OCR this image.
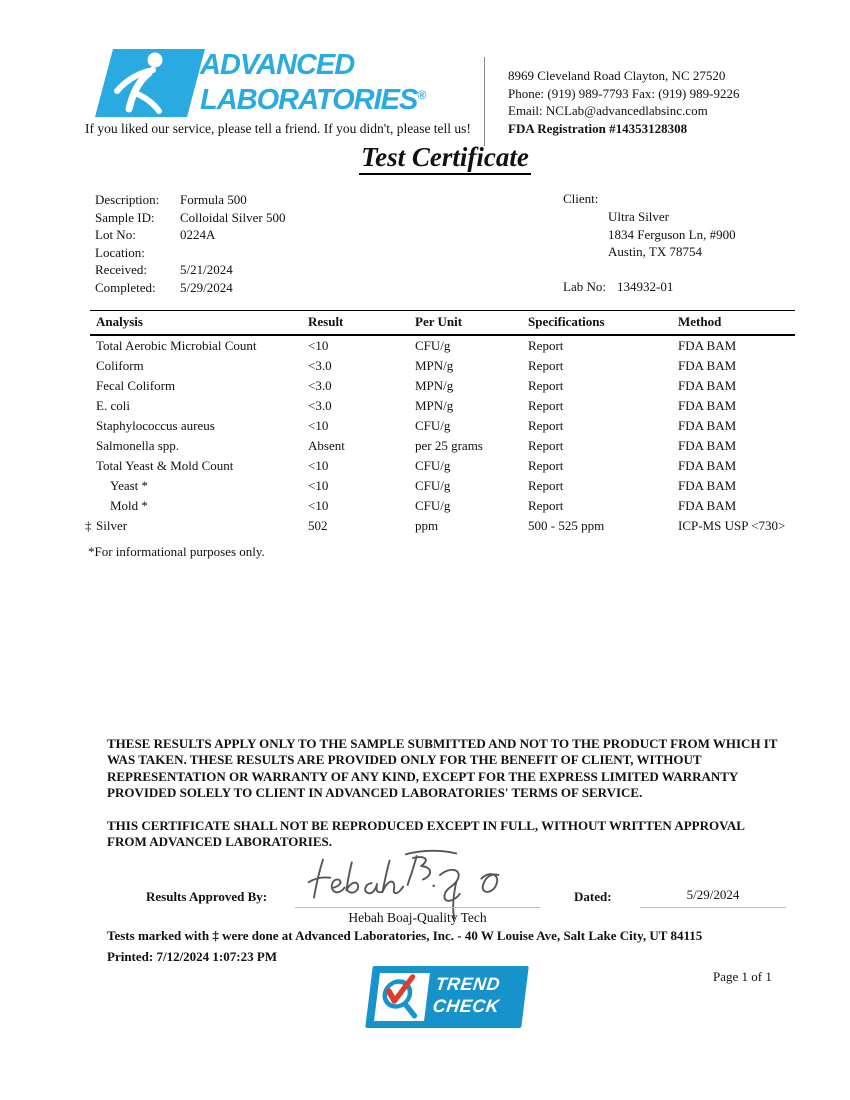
ADVANCED
LABORATORIES®
If you liked our service, please tell a friend. If you didn't, please tell us!
8969 Cleveland Road Clayton, NC 27520
Phone: (919) 989-7793 Fax: (919) 989-9226
Email: NCLab@advancedlabsinc.com
FDA Registration #14353128308
Test Certificate
Description:	Formula 500
Sample ID:	Colloidal Silver 500
Lot No:	0224A
Location:
Received:	5/21/2024
Completed:	5/29/2024
Client:
Ultra Silver
1834 Ferguson Ln, #900
Austin, TX 78754
Lab No: 134932-01
Analysis	Result	Per Unit	Specifications	Method

Total Aerobic Microbial Count	<10	CFU/g	Report	FDA BAM

Coliform	<3.0	MPN/g	Report	FDA BAM

Fecal Coliform	<3.0	MPN/g	Report	FDA BAM

E. coli	<3.0	MPN/g	Report	FDA BAM

Staphylococcus aureus	<10	CFU/g	Report	FDA BAM

Salmonella spp.	Absent	per 25 grams	Report	FDA BAM

Total Yeast & Mold Count	<10	CFU/g	Report	FDA BAM

Yeast *	<10	CFU/g	Report	FDA BAM

Mold *	<10	CFU/g	Report	FDA BAM

‡ Silver	502	ppm	500 - 525 ppm	ICP-MS USP <730>
*For informational purposes only.
THESE RESULTS APPLY ONLY TO THE SAMPLE SUBMITTED AND NOT TO THE PRODUCT FROM WHICH IT WAS TAKEN. THESE RESULTS ARE PROVIDED ONLY FOR THE BENEFIT OF CLIENT, WITHOUT REPRESENTATION OR WARRANTY OF ANY KIND, EXCEPT FOR THE EXPRESS LIMITED WARRANTY PROVIDED SOLELY TO CLIENT IN ADVANCED LABORATORIES' TERMS OF SERVICE.
THIS CERTIFICATE SHALL NOT BE REPRODUCED EXCEPT IN FULL, WITHOUT WRITTEN APPROVAL FROM ADVANCED LABORATORIES.
Results Approved By:
Hebah Boaj-Quality Tech
Dated:	5/29/2024
Tests marked with ‡ were done at Advanced Laboratories, Inc. - 40 W Louise Ave, Salt Lake City, UT 84115
Printed: 7/12/2024 1:07:23 PM
TREND
CHECK
Page 1 of 1
